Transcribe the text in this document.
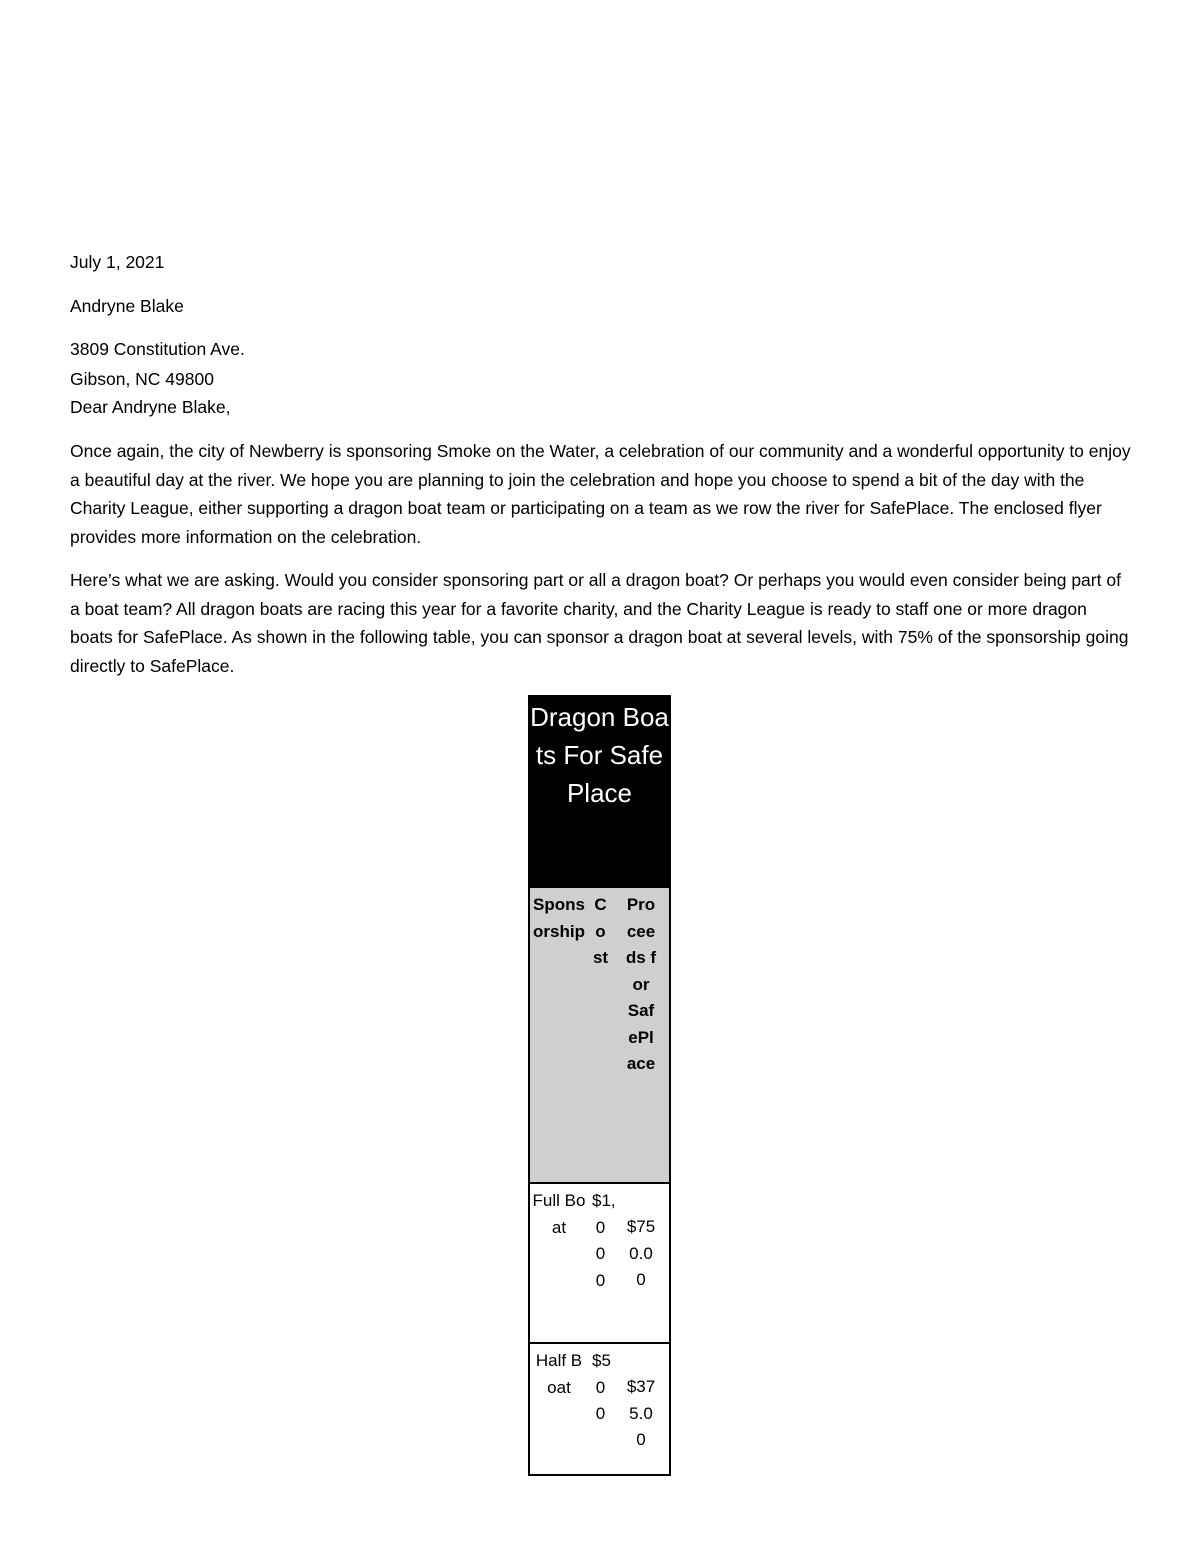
July 1, 2021
Andryne Blake
3809 Constitution Ave.
Gibson, NC 49800
Dear Andryne Blake,
Once again, the city of Newberry is sponsoring Smoke on the Water, a celebration of our community and a wonderful opportunity to enjoy a beautiful day at the river. We hope you are planning to join the celebration and hope you choose to spend a bit of the day with the Charity League, either supporting a dragon boat team or participating on a team as we row the river for SafePlace. The enclosed flyer provides more information on the celebration.
Here’s what we are asking. Would you consider sponsoring part or all a dragon boat? Or perhaps you would even consider being part of a boat team? All dragon boats are racing this year for a favorite charity, and the Charity League is ready to staff one or more dragon boats for SafePlace. As shown in the following table, you can sponsor a dragon boat at several levels, with 75% of the sponsorship going directly to SafePlace.
Dragon Boats For SafePlace
Sponsorship
Cost
Proceeds for SafePlace
Full Boat
$1,000
$750.00
Half Boat
$500
$375.00
